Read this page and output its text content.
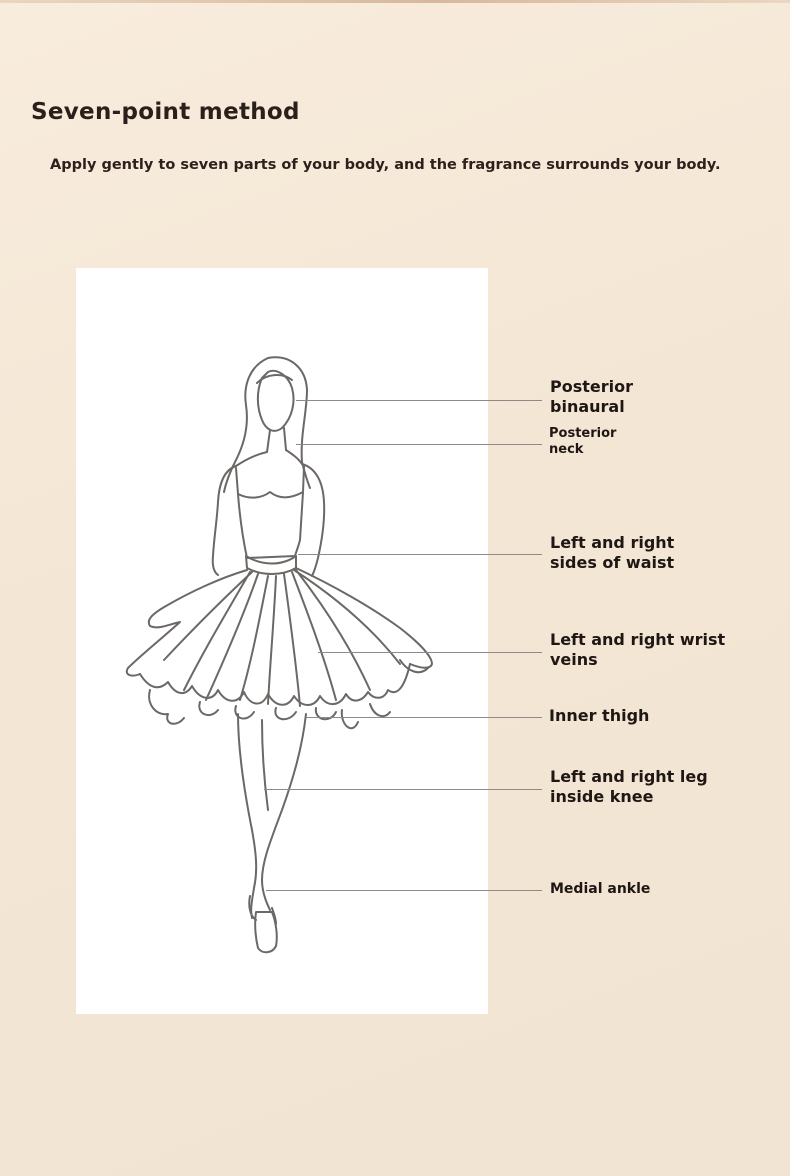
Seven-point method
Apply gently to seven parts of your body, and the fragrance surrounds your body.
Posterior
binaural
Posterior
neck
Left and right
sides of waist
Left and right wrist
veins
Inner thigh
Left and right leg
inside knee
Medial ankle
